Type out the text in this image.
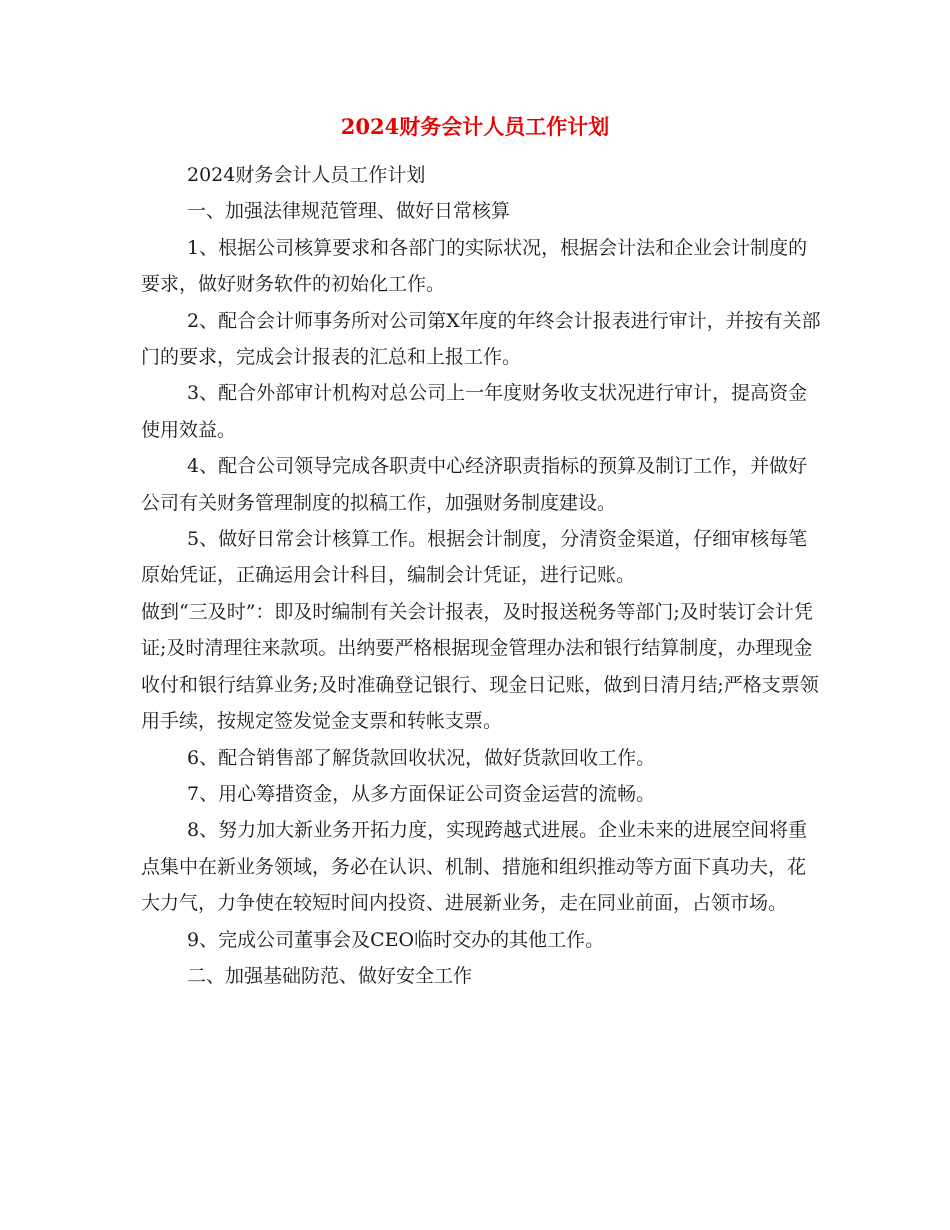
2024财务会计人员工作计划

2024财务会计人员工作计划

一、加强法律规范管理、做好日常核算

1、根据公司核算要求和各部门的实际状况，根据会计法和企业会计制度的要求，做好财务软件的初始化工作。

2、配合会计师事务所对公司第X年度的年终会计报表进行审计，并按有关部门的要求，完成会计报表的汇总和上报工作。

3、配合外部审计机构对总公司上一年度财务收支状况进行审计，提高资金使用效益。

4、配合公司领导完成各职责中心经济职责指标的预算及制订工作，并做好公司有关财务管理制度的拟稿工作，加强财务制度建设。

5、做好日常会计核算工作。根据会计制度，分清资金渠道，仔细审核每笔原始凭证，正确运用会计科目，编制会计凭证，进行记账。

做到“三及时”：即及时编制有关会计报表，及时报送税务等部门;及时装订会计凭证;及时清理往来款项。出纳要严格根据现金管理办法和银行结算制度，办理现金收付和银行结算业务;及时准确登记银行、现金日记账，做到日清月结;严格支票领用手续，按规定签发觉金支票和转帐支票。

6、配合销售部了解货款回收状况，做好货款回收工作。

7、用心筹措资金，从多方面保证公司资金运营的流畅。

8、努力加大新业务开拓力度，实现跨越式进展。企业未来的进展空间将重点集中在新业务领域，务必在认识、机制、措施和组织推动等方面下真功夫，花大力气，力争使在较短时间内投资、进展新业务，走在同业前面，占领市场。

9、完成公司董事会及CEO临时交办的其他工作。

二、加强基础防范、做好安全工作
